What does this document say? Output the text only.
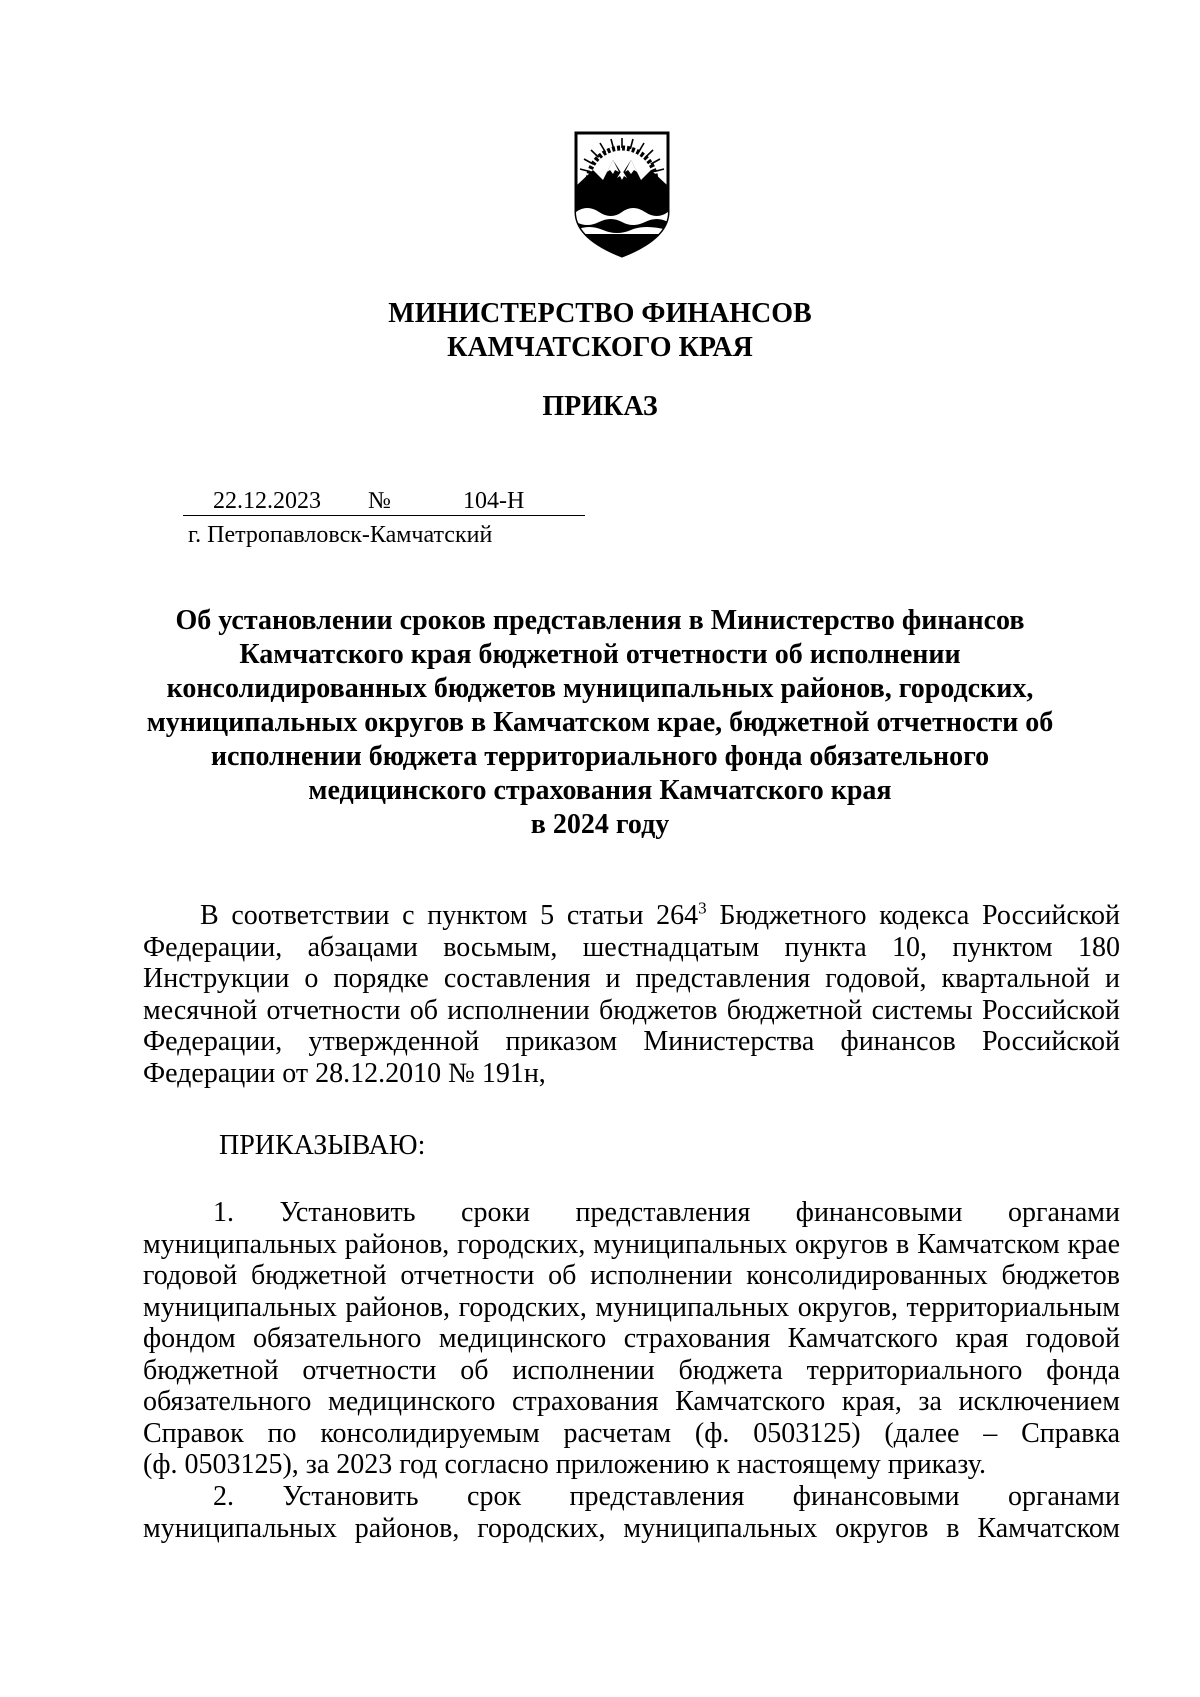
МИНИСТЕРСТВО ФИНАНСОВ
КАМЧАТСКОГО КРАЯ
ПРИКАЗ
22.12.2023 №	104-Н
г. Петропавловск-Камчатский
Об установлении сроков представления в Министерство финансов
Камчатского края бюджетной отчетности об исполнении
консолидированных бюджетов муниципальных районов, городских,
муниципальных округов в Камчатском крае, бюджетной отчетности об
исполнении бюджета территориального фонда обязательного
медицинского страхования Камчатского края
в 2024 году
В соответствии с пунктом 5 статьи $264^3$ Бюджетного кодекса Российской
Федерации, абзацами восьмым, шестнадцатым пункта 10, пунктом 180
Инструкции о порядке составления и представления годовой, квартальной и
месячной отчетности об исполнении бюджетов бюджетной системы Российской
Федерации, утвержденной приказом Министерства финансов Российской
Федерации от 28.12.2010 № 191н,
ПРИКАЗЫВАЮ:
1. Установить сроки представления финансовыми органами
муниципальных районов, городских, муниципальных округов в Камчатском крае
годовой бюджетной отчетности об исполнении консолидированных бюджетов
муниципальных районов, городских, муниципальных округов, территориальным
фондом обязательного медицинского страхования Камчатского края годовой
бюджетной отчетности об исполнении бюджета территориального фонда
обязательного медицинского страхования Камчатского края, за исключением
Справок по консолидируемым расчетам (ф. 0503125) (далее – Справка
(ф. 0503125), за 2023 год согласно приложению к настоящему приказу.
2. Установить срок представления финансовыми органами
муниципальных районов, городских, муниципальных округов в Камчатском
